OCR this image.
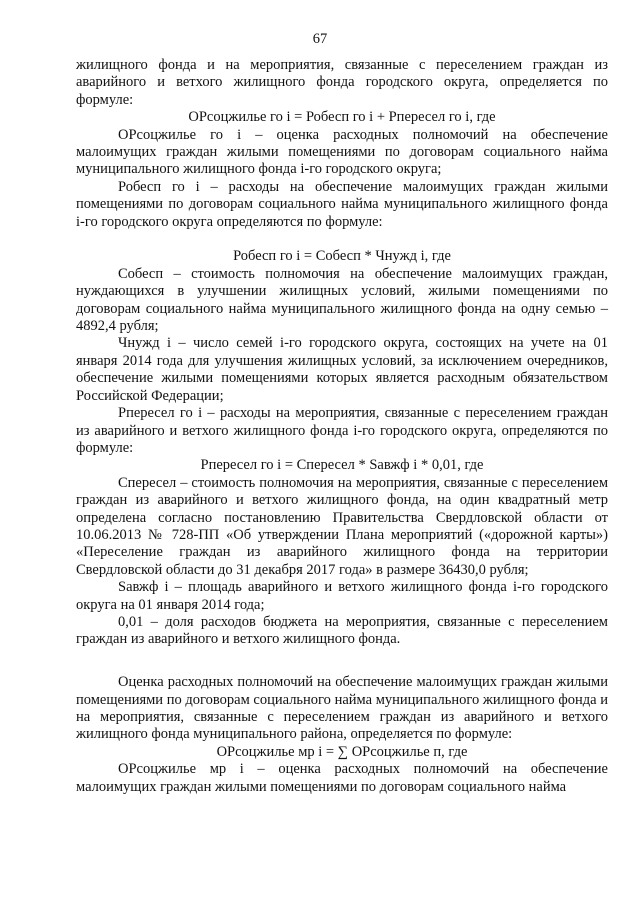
67

жилищного фонда и на мероприятия, связанные с переселением граждан из аварийного и ветхого жилищного фонда городского округа, определяется по формуле:

ОРсоцжилье го i = Робесп го i + Рпересел го i, где

ОРсоцжилье го i – оценка расходных полномочий на обеспечение малоимущих граждан жилыми помещениями по договорам социального найма муниципального жилищного фонда i-го городского округа;

Робесп го i – расходы на обеспечение малоимущих граждан жилыми помещениями по договорам социального найма муниципального жилищного фонда i-го городского округа определяются по формуле:

Робесп го i = Собесп * Чнужд i, где

Собесп – стоимость полномочия на обеспечение малоимущих граждан, нуждающихся в улучшении жилищных условий, жилыми помещениями по договорам социального найма муниципального жилищного фонда на одну семью – 4892,4 рубля;

Чнужд i – число семей i-го городского округа, состоящих на учете на 01 января 2014 года для улучшения жилищных условий, за исключением очередников, обеспечение жилыми помещениями которых является расходным обязательством Российской Федерации;

Рпересел го i – расходы на мероприятия, связанные с переселением граждан из аварийного и ветхого жилищного фонда i-го городского округа, определяются по формуле:

Рпересел го i = Спересел * Sавжф i * 0,01, где

Спересел – стоимость полномочия на мероприятия, связанные с переселением граждан из аварийного и ветхого жилищного фонда, на один квадратный метр определена согласно постановлению Правительства Свердловской области от 10.06.2013 № 728-ПП «Об утверждении Плана мероприятий («дорожной карты») «Переселение граждан из аварийного жилищного фонда на территории Свердловской области до 31 декабря 2017 года» в размере 36430,0 рубля;

Sавжф i – площадь аварийного и ветхого жилищного фонда i-го городского округа на 01 января 2014 года;

0,01 – доля расходов бюджета на мероприятия, связанные с переселением граждан из аварийного и ветхого жилищного фонда.

Оценка расходных полномочий на обеспечение малоимущих граждан жилыми помещениями по договорам социального найма муниципального жилищного фонда и на мероприятия, связанные с переселением граждан из аварийного и ветхого жилищного фонда муниципального района, определяется по формуле:

ОРсоцжилье мр i = ∑ ОРсоцжилье п, где

ОРсоцжилье мр i – оценка расходных полномочий на обеспечение малоимущих граждан жилыми помещениями по договорам социального найма
